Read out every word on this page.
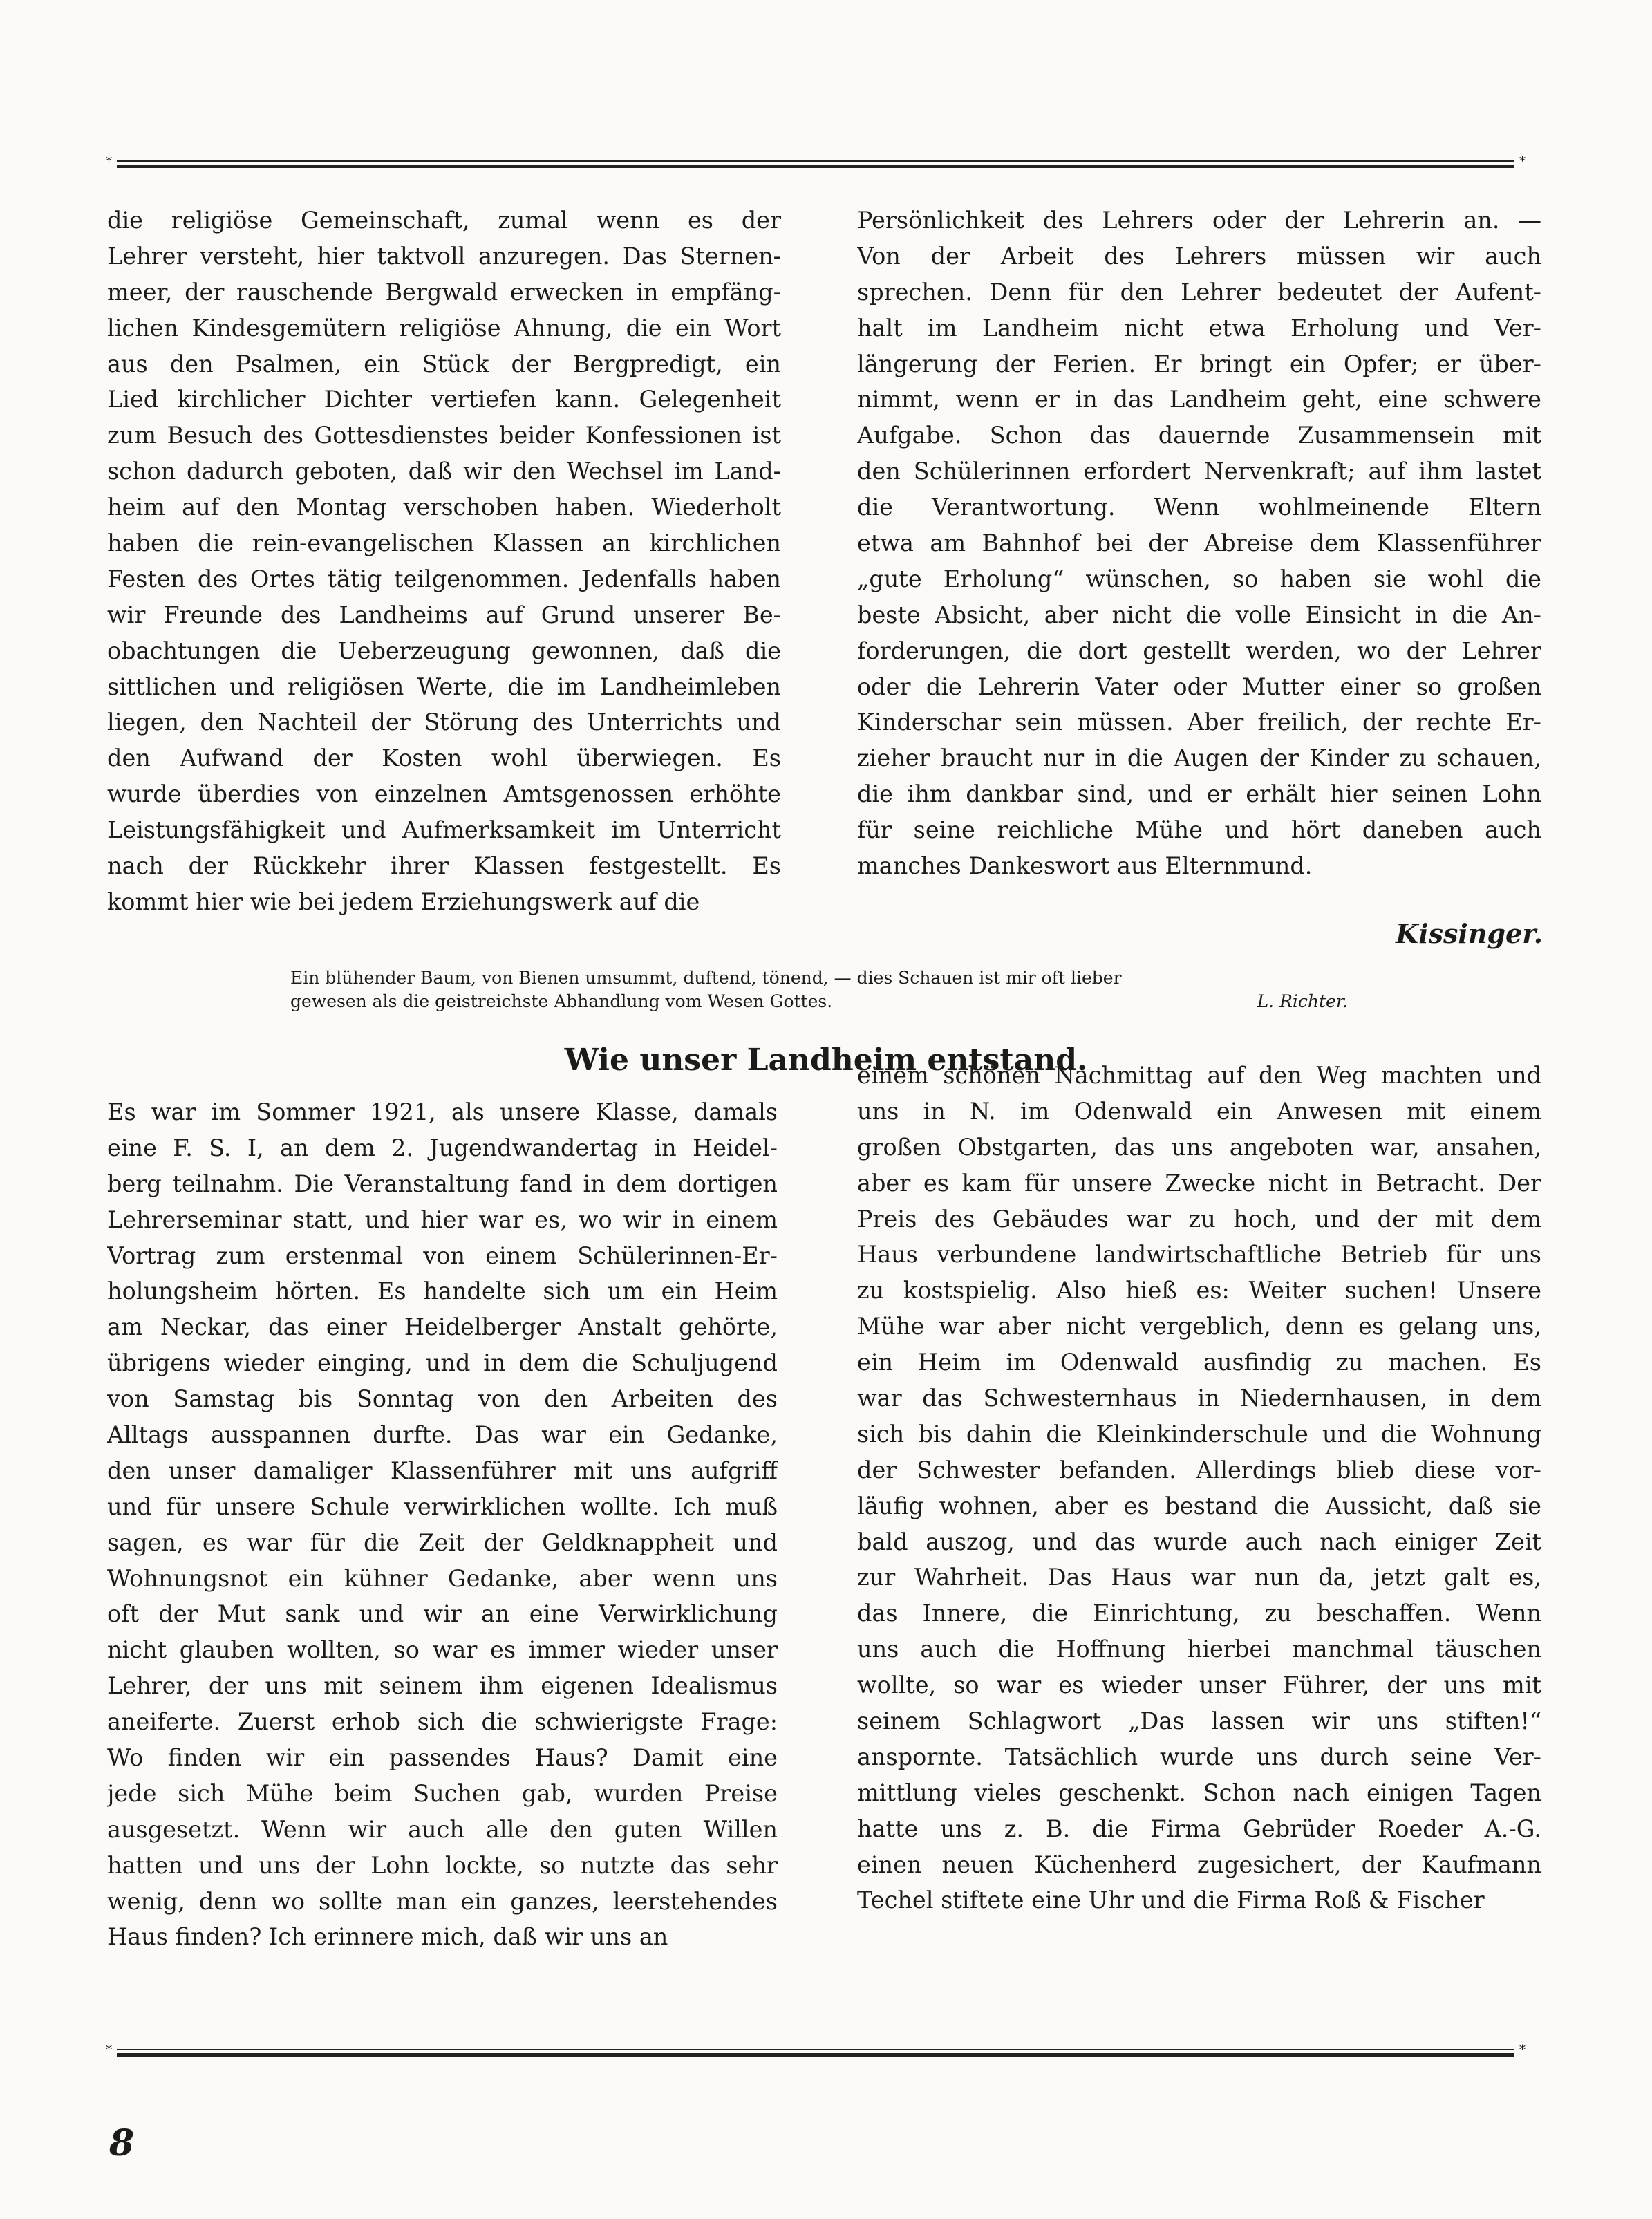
*	*

die religiöse Gemeinschaft, zumal wenn es der

Lehrer versteht, hier taktvoll anzuregen. Das Sternen-

meer, der rauschende Bergwald erwecken in empfäng-

lichen Kindesgemütern religiöse Ahnung, die ein Wort

aus den Psalmen, ein Stück der Bergpredigt, ein

Lied kirchlicher Dichter vertiefen kann. Gelegenheit

zum Besuch des Gottesdienstes beider Konfessionen ist

schon dadurch geboten, daß wir den Wechsel im Land-

heim auf den Montag verschoben haben. Wiederholt

haben die rein-evangelischen Klassen an kirchlichen

Festen des Ortes tätig teilgenommen. Jedenfalls haben

wir Freunde des Landheims auf Grund unserer Be-

obachtungen die Ueberzeugung gewonnen, daß die

sittlichen und religiösen Werte, die im Landheimleben

liegen, den Nachteil der Störung des Unterrichts und

den Aufwand der Kosten wohl überwiegen. Es

wurde überdies von einzelnen Amtsgenossen erhöhte

Leistungsfähigkeit und Aufmerksamkeit im Unterricht

nach der Rückkehr ihrer Klassen festgestellt. Es

kommt hier wie bei jedem Erziehungswerk auf die

Persönlichkeit des Lehrers oder der Lehrerin an. —

Von der Arbeit des Lehrers müssen wir auch

sprechen. Denn für den Lehrer bedeutet der Aufent-

halt im Landheim nicht etwa Erholung und Ver-

längerung der Ferien. Er bringt ein Opfer; er über-

nimmt, wenn er in das Landheim geht, eine schwere

Aufgabe. Schon das dauernde Zusammensein mit

den Schülerinnen erfordert Nervenkraft; auf ihm lastet

die Verantwortung. Wenn wohlmeinende Eltern

etwa am Bahnhof bei der Abreise dem Klassenführer

„gute Erholung“ wünschen, so haben sie wohl die

beste Absicht, aber nicht die volle Einsicht in die An-

forderungen, die dort gestellt werden, wo der Lehrer

oder die Lehrerin Vater oder Mutter einer so großen

Kinderschar sein müssen. Aber freilich, der rechte Er-

zieher braucht nur in die Augen der Kinder zu schauen,

die ihm dankbar sind, und er erhält hier seinen Lohn

für seine reichliche Mühe und hört daneben auch

manches Dankeswort aus Elternmund.

Kissinger.

Ein blühender Baum, von Bienen umsummt, duftend, tönend, — dies Schauen ist mir oft lieber

gewesen als die geistreichste Abhandlung vom Wesen Gottes.	L. Richter.
Wie unser Landheim entstand.

einem schönen Nachmittag auf den Weg machten und

uns in N. im Odenwald ein Anwesen mit einem

großen Obstgarten, das uns angeboten war, ansahen,

aber es kam für unsere Zwecke nicht in Betracht. Der

Preis des Gebäudes war zu hoch, und der mit dem

Haus verbundene landwirtschaftliche Betrieb für uns

zu kostspielig. Also hieß es: Weiter suchen! Unsere

Mühe war aber nicht vergeblich, denn es gelang uns,

ein Heim im Odenwald ausfindig zu machen. Es

war das Schwesternhaus in Niedernhausen, in dem

sich bis dahin die Kleinkinderschule und die Wohnung

der Schwester befanden. Allerdings blieb diese vor-

läufig wohnen, aber es bestand die Aussicht, daß sie

bald auszog, und das wurde auch nach einiger Zeit

zur Wahrheit. Das Haus war nun da, jetzt galt es,

das Innere, die Einrichtung, zu beschaffen. Wenn

uns auch die Hoffnung hierbei manchmal täuschen

wollte, so war es wieder unser Führer, der uns mit

seinem Schlagwort „Das lassen wir uns stiften!“

anspornte. Tatsächlich wurde uns durch seine Ver-

mittlung vieles geschenkt. Schon nach einigen Tagen

hatte uns z. B. die Firma Gebrüder Roeder A.-G.

einen neuen Küchenherd zugesichert, der Kaufmann

Techel stiftete eine Uhr und die Firma Roß & Fischer

Es war im Sommer 1921, als unsere Klasse, damals

eine F. S. I, an dem 2. Jugendwandertag in Heidel-

berg teilnahm. Die Veranstaltung fand in dem dortigen

Lehrerseminar statt, und hier war es, wo wir in einem

Vortrag zum erstenmal von einem Schülerinnen-Er-

holungsheim hörten. Es handelte sich um ein Heim

am Neckar, das einer Heidelberger Anstalt gehörte,

übrigens wieder einging, und in dem die Schuljugend

von Samstag bis Sonntag von den Arbeiten des

Alltags ausspannen durfte. Das war ein Gedanke,

den unser damaliger Klassenführer mit uns aufgriff

und für unsere Schule verwirklichen wollte. Ich muß

sagen, es war für die Zeit der Geldknappheit und

Wohnungsnot ein kühner Gedanke, aber wenn uns

oft der Mut sank und wir an eine Verwirklichung

nicht glauben wollten, so war es immer wieder unser

Lehrer, der uns mit seinem ihm eigenen Idealismus

aneiferte. Zuerst erhob sich die schwierigste Frage:

Wo finden wir ein passendes Haus? Damit eine

jede sich Mühe beim Suchen gab, wurden Preise

ausgesetzt. Wenn wir auch alle den guten Willen

hatten und uns der Lohn lockte, so nutzte das sehr

wenig, denn wo sollte man ein ganzes, leerstehendes

Haus finden? Ich erinnere mich, daß wir uns an

*	*
8
